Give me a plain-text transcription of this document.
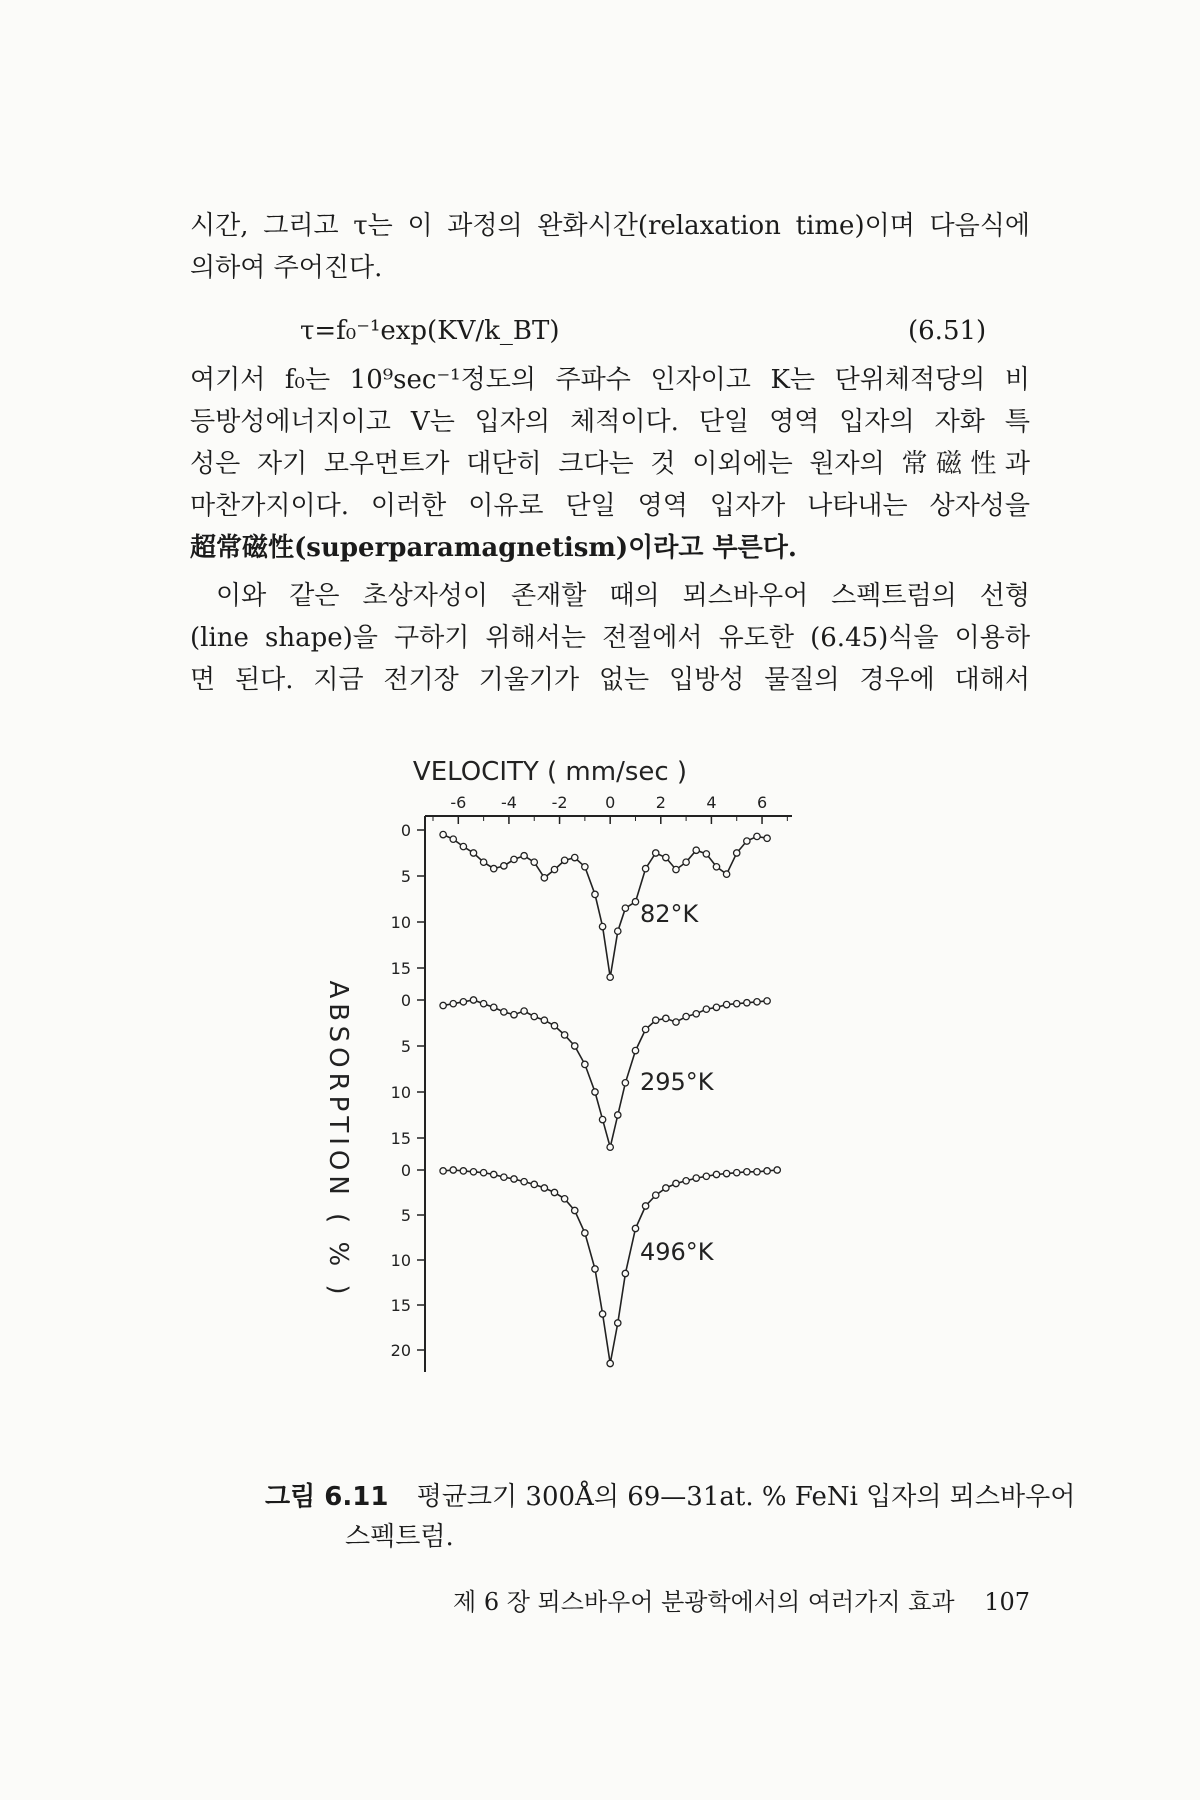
시간, 그리고 τ는 이 과정의 완화시간(relaxation time)이며 다음식에
의하여 주어진다.
τ=f₀⁻¹exp(KV/k_BT)	(6.51)
여기서 f₀는 10⁹sec⁻¹정도의 주파수 인자이고 K는 단위체적당의 비
등방성에너지이고 V는 입자의 체적이다. 단일 영역 입자의 자화 특
성은 자기 모우먼트가 대단히 크다는 것 이외에는 원자의 常磁性과
마찬가지이다. 이러한 이유로 단일 영역 입자가 나타내는 상자성을
超常磁性(superparamagnetism)이라고 부른다.
이와 같은 초상자성이 존재할 때의 뫼스바우어 스펙트럼의 선형
(line shape)을 구하기 위해서는 전절에서 유도한 (6.45)식을 이용하
면 된다. 지금 전기장 기울기가 없는 입방성 물질의 경우에 대해서
VELOCITY ( mm/sec )
-6 -4 -2 0	2	4	6
ABSORPTION ( % )
0
5
10
15
82°K
0
5
10
15
295°K
0
5
10
15
20
496°K
그림 6.11 평균크기 300Å의 69—31at. % FeNi 입자의 뫼스바우어
스펙트럼.
제 6 장 뫼스바우어 분광학에서의 여러가지 효과 107
